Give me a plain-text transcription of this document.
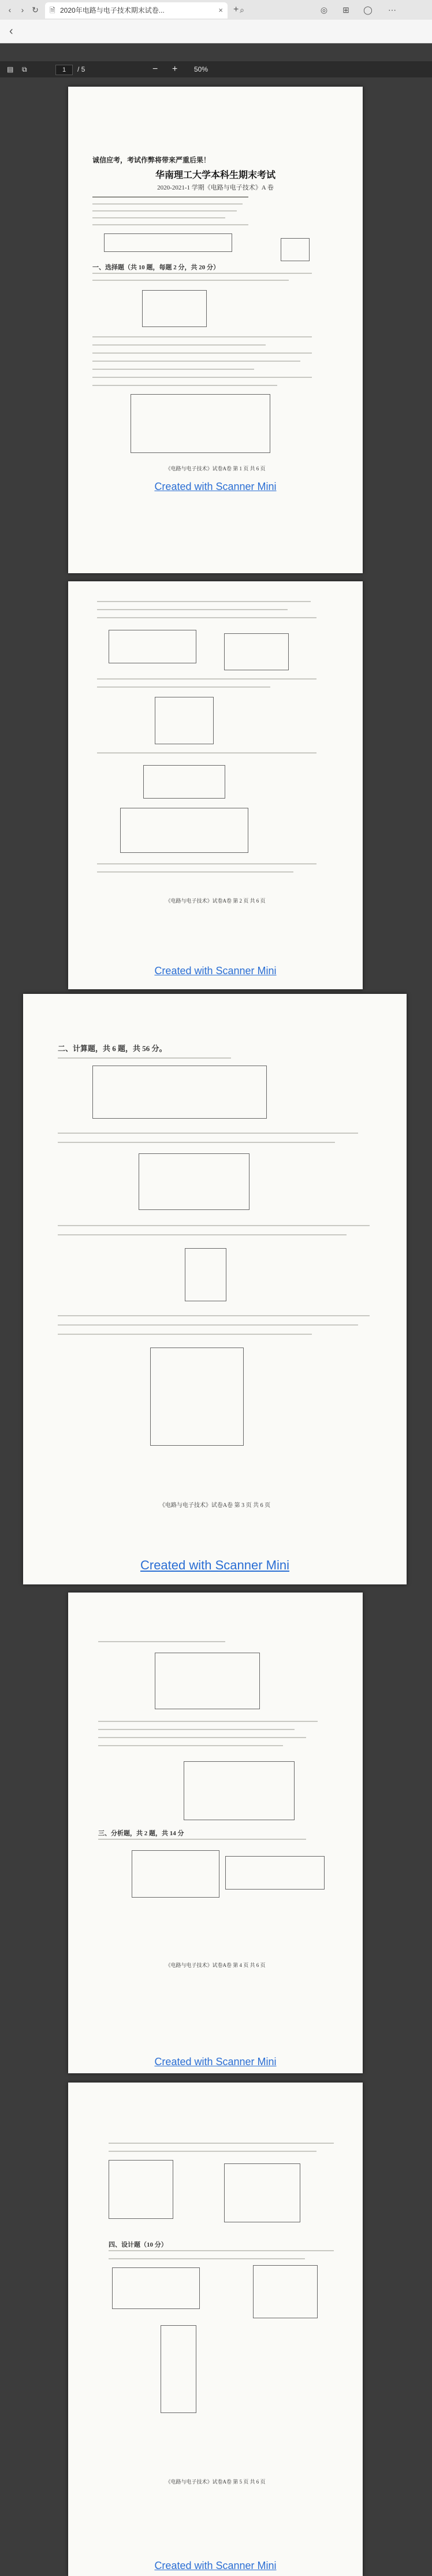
‹	› ↻ 🗎 2020年电路与电子技术期末试卷...	× + ⌕	◎ ⊞ ◯ ⋯
‹
▤ ⧉	1	/ 5	− + 50%
诚信应考，考试作弊将带来严重后果！
华南理工大学本科生期末考试
2020-2021-1 学期《电路与电子技术》A 卷
一、选择题（共 10 题，每题 2 分，共 20 分）
《电路与电子技术》试卷A卷 第 1 页 共 6 页
Created with Scanner Mini
《电路与电子技术》试卷A卷 第 2 页 共 6 页
Created with Scanner Mini
二、计算题，共 6 题，共 56 分。
《电路与电子技术》试卷A卷 第 3 页 共 6 页
Created with Scanner Mini
三、分析题，共 2 题，共 14 分
《电路与电子技术》试卷A卷 第 4 页 共 6 页
Created with Scanner Mini
四、设计题（10 分）
《电路与电子技术》试卷A卷 第 5 页 共 6 页
Created with Scanner Mini
